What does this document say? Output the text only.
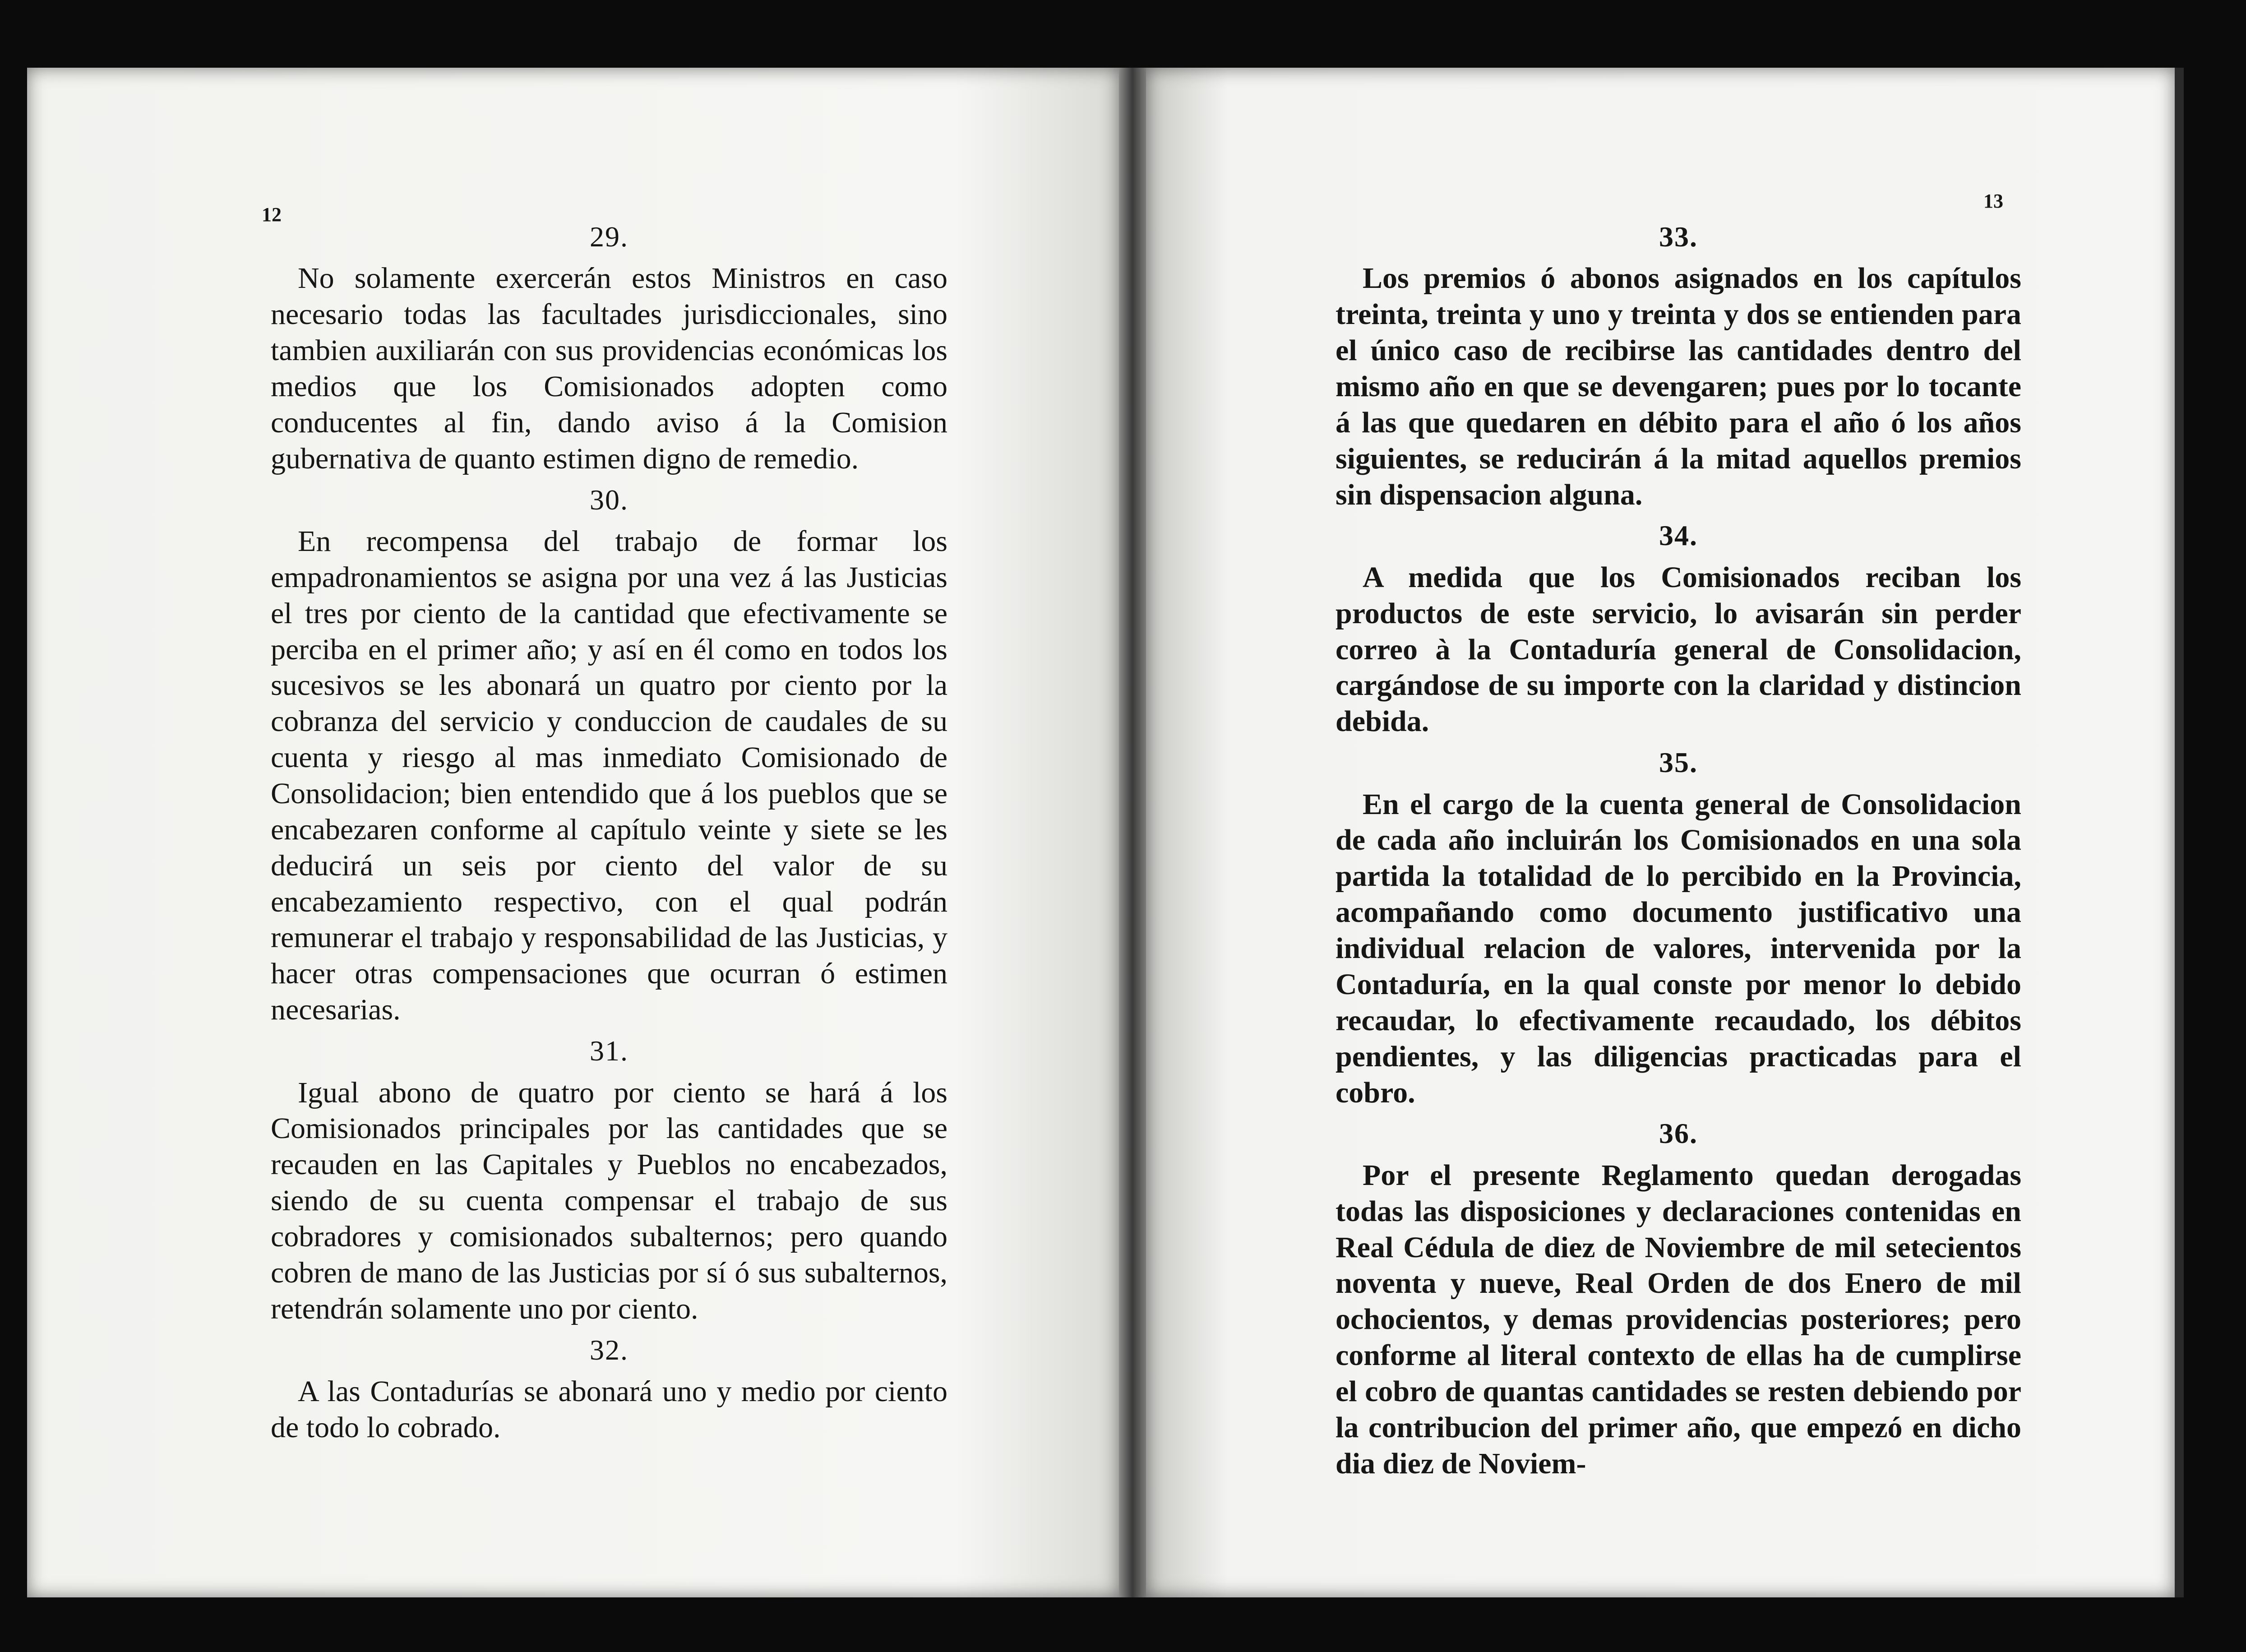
12
29.

No solamente exercerán estos Ministros en caso necesario todas las facultades jurisdiccionales, sino tambien auxiliarán con sus providencias económicas los medios que los Comisionados adopten como conducentes al fin, dando aviso á la Comision gubernativa de quanto estimen digno de remedio.

30.

En recompensa del trabajo de formar los empadronamientos se asigna por una vez á las Justicias el tres por ciento de la cantidad que efectivamente se perciba en el primer año; y así en él como en todos los sucesivos se les abonará un quatro por ciento por la cobranza del servicio y conduccion de caudales de su cuenta y riesgo al mas inmediato Comisionado de Consolidacion; bien entendido que á los pueblos que se encabezaren conforme al capítulo veinte y siete se les deducirá un seis por ciento del valor de su encabezamiento respectivo, con el qual podrán remunerar el trabajo y responsabilidad de las Justicias, y hacer otras compensaciones que ocurran ó estimen necesarias.

31.

Igual abono de quatro por ciento se hará á los Comisionados principales por las cantidades que se recauden en las Capitales y Pueblos no encabezados, siendo de su cuenta compensar el trabajo de sus cobradores y comisionados subalternos; pero quando cobren de mano de las Justicias por sí ó sus subalternos, retendrán solamente uno por ciento.

32.

A las Contadurías se abonará uno y medio por ciento de todo lo cobrado.

13
33.

Los premios ó abonos asignados en los capítulos treinta, treinta y uno y treinta y dos se entienden para el único caso de recibirse las cantidades dentro del mismo año en que se devengaren; pues por lo tocante á las que quedaren en débito para el año ó los años siguientes, se reducirán á la mitad aquellos premios sin dispensacion alguna.

34.

A medida que los Comisionados reciban los productos de este servicio, lo avisarán sin perder correo à la Contaduría general de Consolidacion, cargándose de su importe con la claridad y distincion debida.

35.

En el cargo de la cuenta general de Consolidacion de cada año incluirán los Comisionados en una sola partida la totalidad de lo percibido en la Provincia, acompañando como documento justificativo una individual relacion de valores, intervenida por la Contaduría, en la qual conste por menor lo debido recaudar, lo efectivamente recaudado, los débitos pendientes, y las diligencias practicadas para el cobro.

36.

Por el presente Reglamento quedan derogadas todas las disposiciones y declaraciones contenidas en Real Cédula de diez de Noviembre de mil setecientos noventa y nueve, Real Orden de dos Enero de mil ochocientos, y demas providencias posteriores; pero conforme al literal contexto de ellas ha de cumplirse el cobro de quantas cantidades se resten debiendo por la contribucion del primer año, que empezó en dicho dia diez de Noviem-
